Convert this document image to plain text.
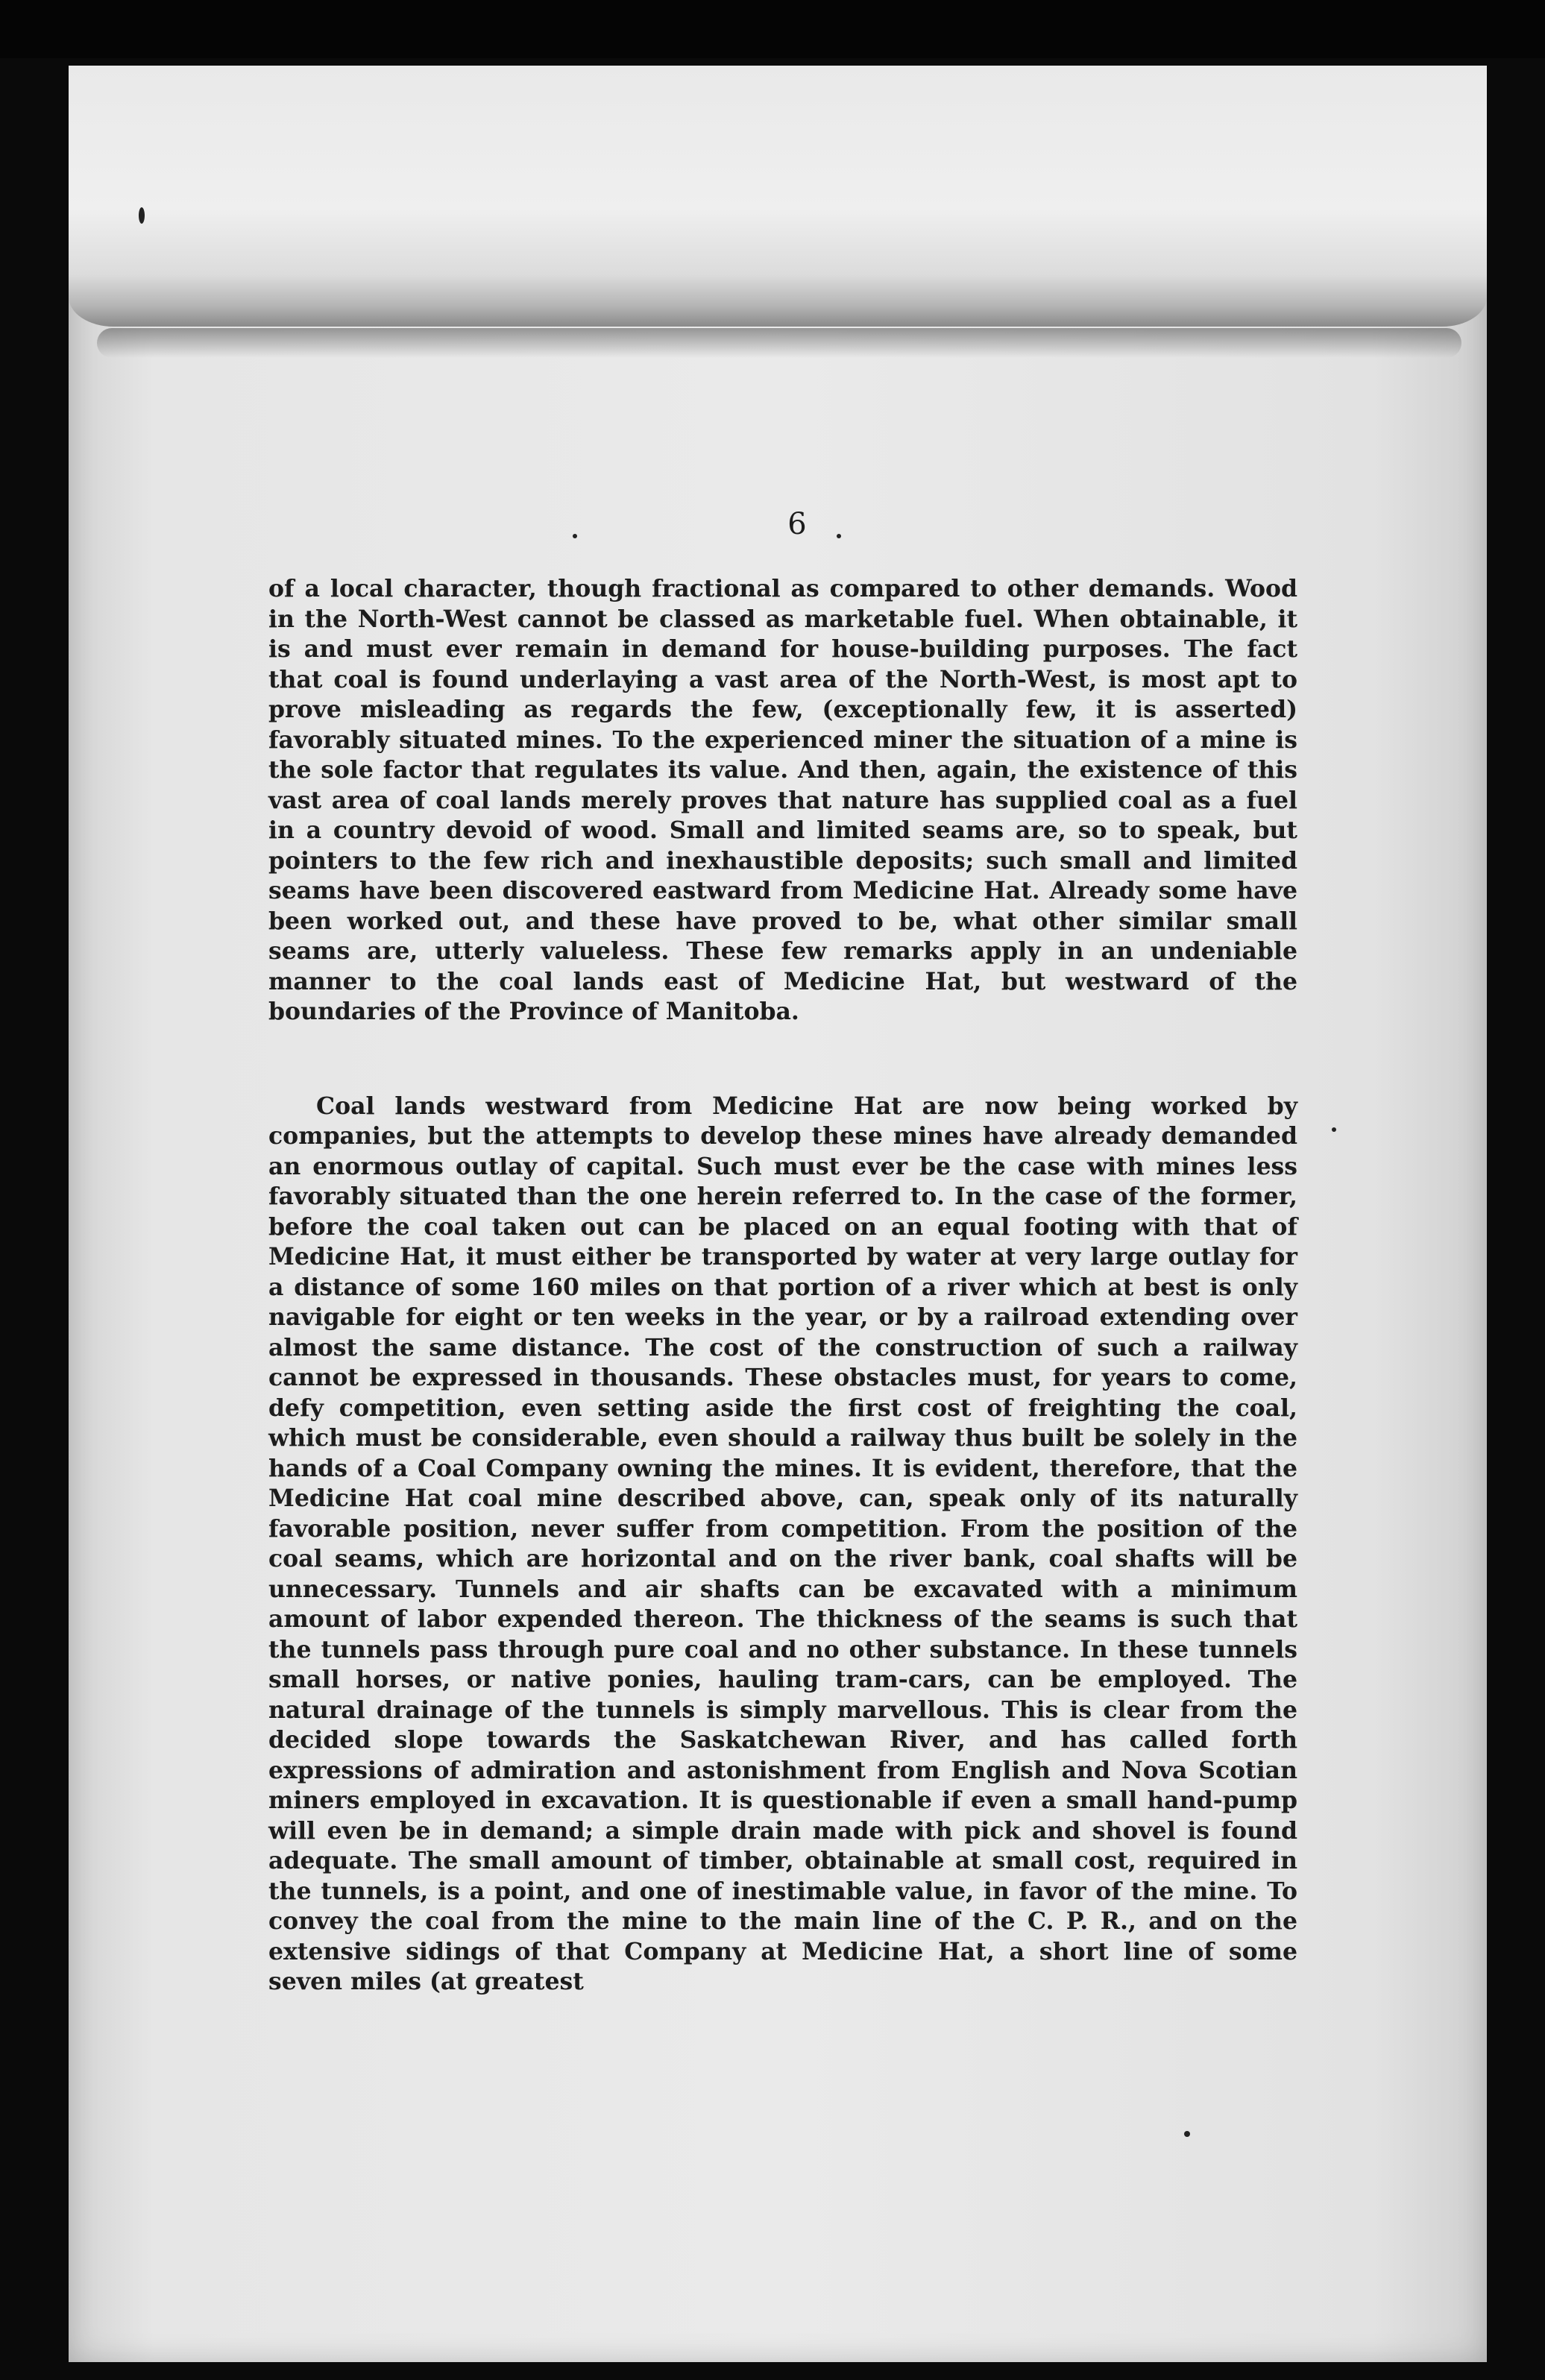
6

of a local character, though fractional as compared to other demands. Wood in the North-West cannot be classed as marketable fuel. When obtainable, it is and must ever remain in demand for house-building purposes. The fact that coal is found underlaying a vast area of the North-West, is most apt to prove misleading as regards the few, (exceptionally few, it is asserted) favorably situated mines. To the experienced miner the situation of a mine is the sole factor that regulates its value. And then, again, the existence of this vast area of coal lands merely proves that nature has supplied coal as a fuel in a country devoid of wood. Small and limited seams are, so to speak, but pointers to the few rich and inexhaustible deposits; such small and limited seams have been discovered eastward from Medicine Hat. Already some have been worked out, and these have proved to be, what other similar small seams are, utterly valueless. These few remarks apply in an undeniable manner to the coal lands east of Medicine Hat, but westward of the boundaries of the Province of Manitoba.

Coal lands westward from Medicine Hat are now being worked by companies, but the attempts to develop these mines have already demanded an enormous outlay of capital. Such must ever be the case with mines less favorably situated than the one herein referred to. In the case of the former, before the coal taken out can be placed on an equal footing with that of Medicine Hat, it must either be transported by water at very large outlay for a distance of some 160 miles on that portion of a river which at best is only navigable for eight or ten weeks in the year, or by a railroad extending over almost the same distance. The cost of the construction of such a railway cannot be expressed in thousands. These obstacles must, for years to come, defy competition, even setting aside the first cost of freighting the coal, which must be considerable, even should a railway thus built be solely in the hands of a Coal Company owning the mines. It is evident, therefore, that the Medicine Hat coal mine described above, can, speak only of its naturally favorable position, never suffer from competition. From the position of the coal seams, which are horizontal and on the river bank, coal shafts will be unnecessary. Tunnels and air shafts can be excavated with a minimum amount of labor expended thereon. The thickness of the seams is such that the tunnels pass through pure coal and no other substance. In these tunnels small horses, or native ponies, hauling tram-cars, can be employed. The natural drainage of the tunnels is simply marvellous. This is clear from the decided slope towards the Saskatchewan River, and has called forth expressions of admiration and astonishment from English and Nova Scotian miners employed in excavation. It is questionable if even a small hand-pump will even be in demand; a simple drain made with pick and shovel is found adequate. The small amount of timber, obtainable at small cost, required in the tunnels, is a point, and one of inestimable value, in favor of the mine. To convey the coal from the mine to the main line of the C. P. R., and on the extensive sidings of that Company at Medicine Hat, a short line of some seven miles (at greatest
